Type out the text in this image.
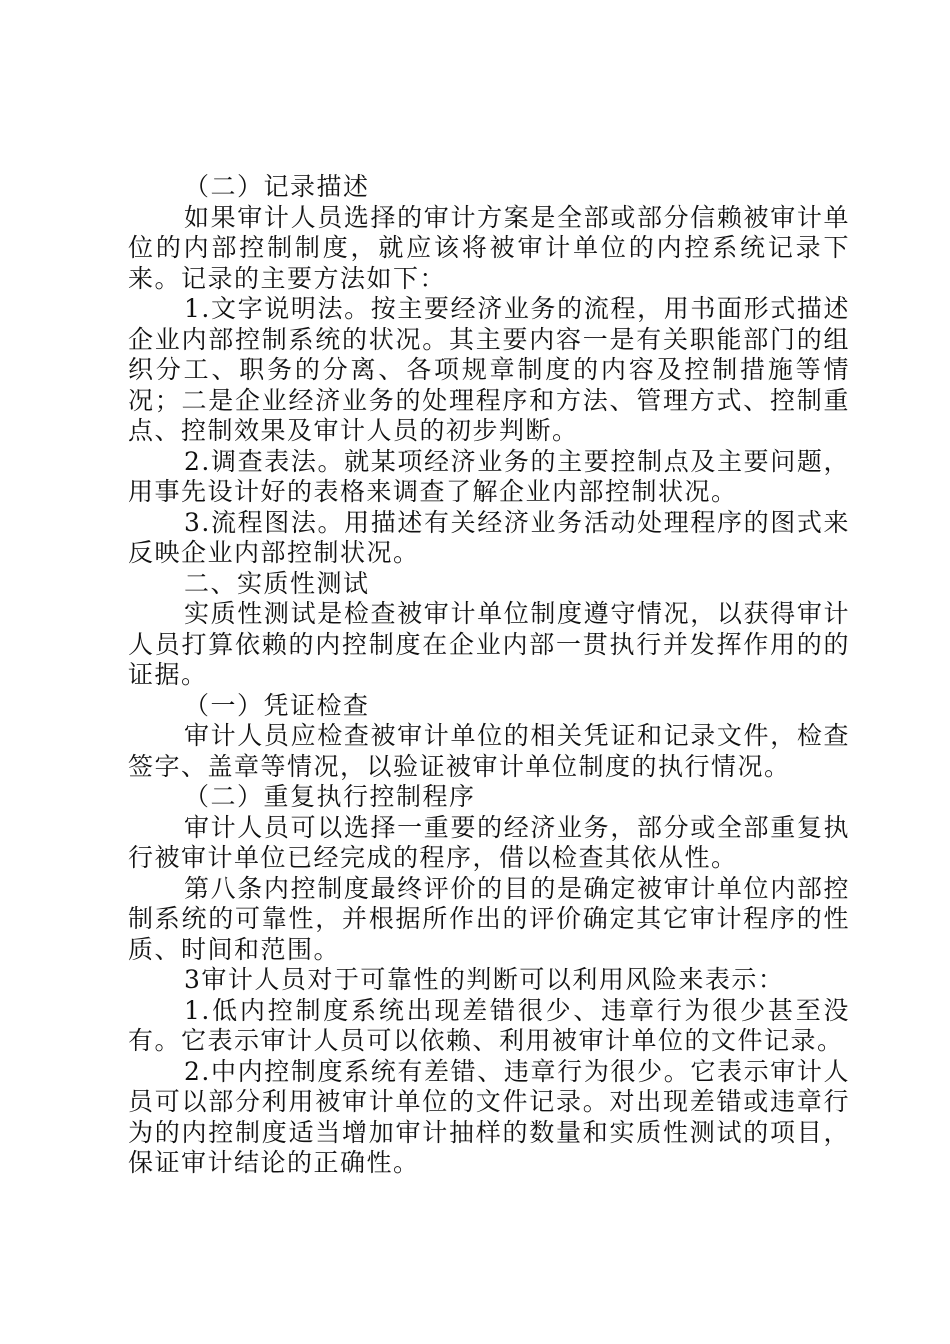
（二）记录描述

如果审计人员选择的审计方案是全部或部分信赖被审计单位的内部控制制度，就应该将被审计单位的内控系统记录下来。记录的主要方法如下：

1.文字说明法。按主要经济业务的流程，用书面形式描述企业内部控制系统的状况。其主要内容一是有关职能部门的组织分工、职务的分离、各项规章制度的内容及控制措施等情况；二是企业经济业务的处理程序和方法、管理方式、控制重点、控制效果及审计人员的初步判断。

2.调查表法。就某项经济业务的主要控制点及主要问题，用事先设计好的表格来调查了解企业内部控制状况。

3.流程图法。用描述有关经济业务活动处理程序的图式来反映企业内部控制状况。

二、实质性测试

实质性测试是检查被审计单位制度遵守情况，以获得审计人员打算依赖的内控制度在企业内部一贯执行并发挥作用的的证据。

（一）凭证检查

审计人员应检查被审计单位的相关凭证和记录文件，检查签字、盖章等情况，以验证被审计单位制度的执行情况。

（二）重复执行控制程序

审计人员可以选择一重要的经济业务，部分或全部重复执行被审计单位已经完成的程序，借以检查其依从性。

第八条内控制度最终评价的目的是确定被审计单位内部控制系统的可靠性，并根据所作出的评价确定其它审计程序的性质、时间和范围。

3审计人员对于可靠性的判断可以利用风险来表示：

1.低内控制度系统出现差错很少、违章行为很少甚至没有。它表示审计人员可以依赖、利用被审计单位的文件记录。

2.中内控制度系统有差错、违章行为很少。它表示审计人员可以部分利用被审计单位的文件记录。对出现差错或违章行为的内控制度适当增加审计抽样的数量和实质性测试的项目，保证审计结论的正确性。
